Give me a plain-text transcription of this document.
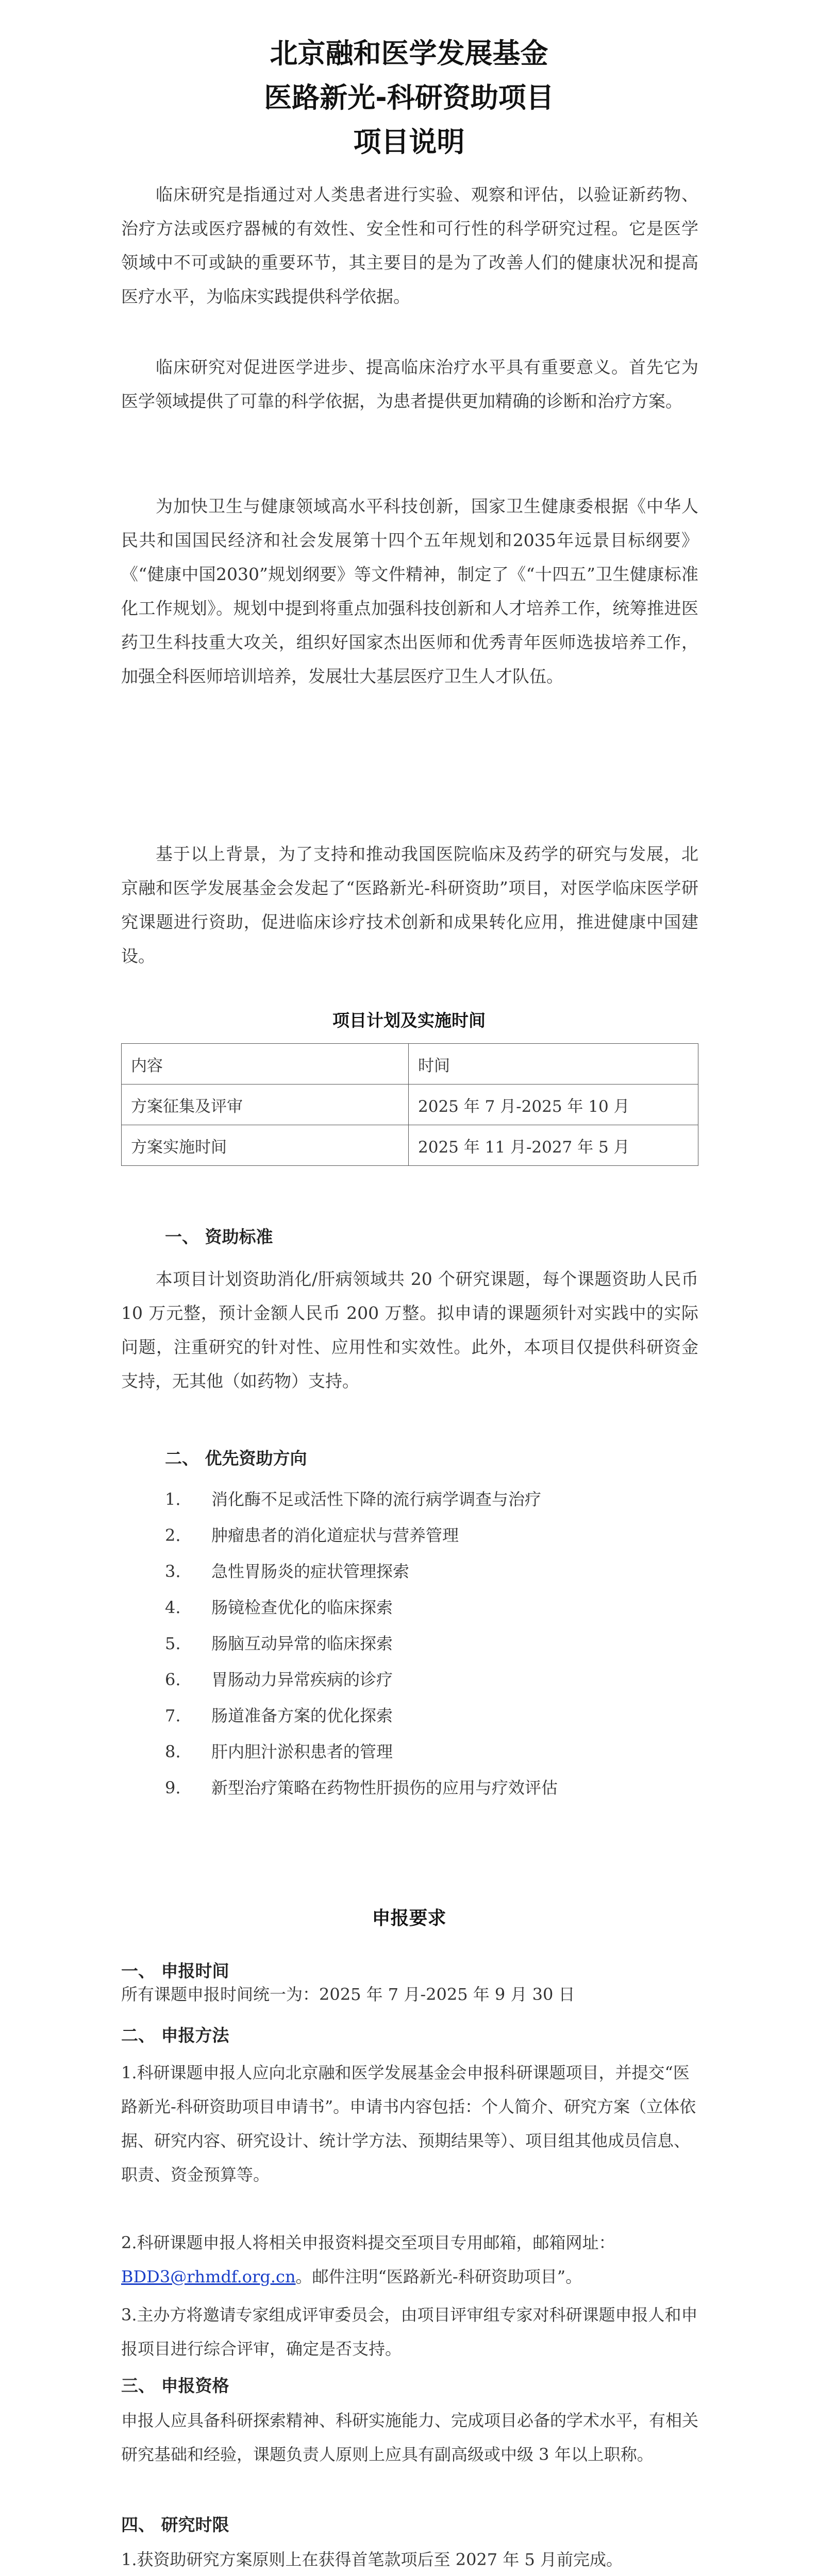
北京融和医学发展基金
医路新光-科研资助项目
项目说明
临床研究是指通过对人类患者进行实验、观察和评估，以验证新药物、治疗方法或医疗器械的有效性、安全性和可行性的科学研究过程。它是医学领域中不可或缺的重要环节，其主要目的是为了改善人们的健康状况和提高医疗水平，为临床实践提供科学依据。
临床研究对促进医学进步、提高临床治疗水平具有重要意义。首先它为医学领域提供了可靠的科学依据，为患者提供更加精确的诊断和治疗方案。
为加快卫生与健康领域高水平科技创新，国家卫生健康委根据《中华人民共和国国民经济和社会发展第十四个五年规划和2035年远景目标纲要》《“健康中国2030”规划纲要》等文件精神，制定了《“十四五”卫生健康标准化工作规划》。规划中提到将重点加强科技创新和人才培养工作，统筹推进医药卫生科技重大攻关，组织好国家杰出医师和优秀青年医师选拔培养工作，加强全科医师培训培养，发展壮大基层医疗卫生人才队伍。
基于以上背景，为了支持和推动我国医院临床及药学的研究与发展，北京融和医学发展基金会发起了“医路新光-科研资助”项目，对医学临床医学研究课题进行资助，促进临床诊疗技术创新和成果转化应用，推进健康中国建设。
项目计划及实施时间
内容	时间
方案征集及评审	2025 年 7 月-2025 年 10 月
方案实施时间	2025 年 11 月-2027 年 5 月
一、 资助标准
本项目计划资助消化/肝病领域共 20 个研究课题，每个课题资助人民币 10 万元整，预计金额人民币 200 万整。拟申请的课题须针对实践中的实际问题，注重研究的针对性、应用性和实效性。此外，本项目仅提供科研资金支持，无其他（如药物）支持。
二、 优先资助方向
1. 消化酶不足或活性下降的流行病学调查与治疗
2. 肿瘤患者的消化道症状与营养管理
3. 急性胃肠炎的症状管理探索
4. 肠镜检查优化的临床探索
5. 肠脑互动异常的临床探索
6. 胃肠动力异常疾病的诊疗
7. 肠道准备方案的优化探索
8. 肝内胆汁淤积患者的管理
9. 新型治疗策略在药物性肝损伤的应用与疗效评估
申报要求
一、 申报时间
所有课题申报时间统一为：2025 年 7 月-2025 年 9 月 30 日
二、 申报方法
1.科研课题申报人应向北京融和医学发展基金会申报科研课题项目，并提交“医路新光-科研资助项目申请书”。申请书内容包括：个人简介、研究方案（立体依据、研究内容、研究设计、统计学方法、预期结果等）、项目组其他成员信息、职责、资金预算等。
2.科研课题申报人将相关申报资料提交至项目专用邮箱，邮箱网址：BDD3@rhmdf.org.cn。邮件注明“医路新光-科研资助项目”。
3.主办方将邀请专家组成评审委员会，由项目评审组专家对科研课题申报人和申报项目进行综合评审，确定是否支持。
三、 申报资格
申报人应具备科研探索精神、科研实施能力、完成项目必备的学术水平，有相关研究基础和经验，课题负责人原则上应具有副高级或中级 3 年以上职称。
四、 研究时限
1.获资助研究方案原则上在获得首笔款项后至 2027 年 5 月前完成。
